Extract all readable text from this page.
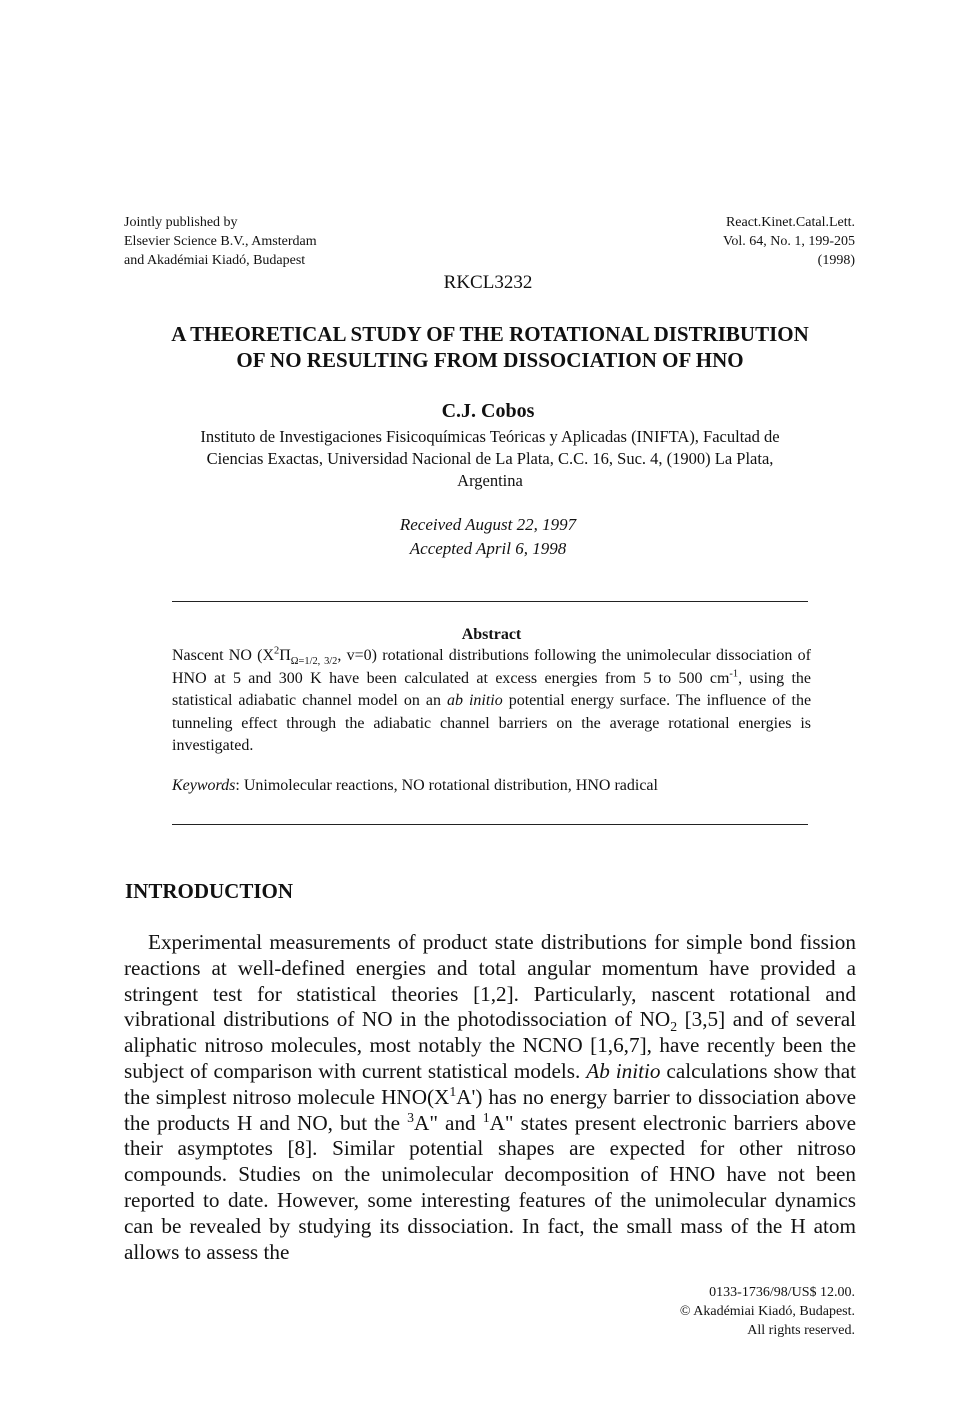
Jointly published by
Elsevier Science B.V., Amsterdam
and Akadémiai Kiadó, Budapest
React.Kinet.Catal.Lett.
Vol. 64, No. 1, 199-205
(1998)
RKCL3232
A THEORETICAL STUDY OF THE ROTATIONAL DISTRIBUTION
OF NO RESULTING FROM DISSOCIATION OF HNO
C.J. Cobos
Instituto de Investigaciones Fisicoquímicas Teóricas y Aplicadas (INIFTA), Facultad de
Ciencias Exactas, Universidad Nacional de La Plata, C.C. 16, Suc. 4, (1900) La Plata,
Argentina
Received August 22, 1997
Accepted April 6, 1998
Abstract

Nascent NO ($X^2\Pi_{\Omega=1/2, 3/2}$, v=0) rotational distributions following the unimolecular dissociation of HNO at 5 and 300 K have been calculated at excess energies from 5 to 500 $cm^{-1}$, using the statistical adiabatic channel model on an ab initio potential energy surface. The influence of the tunneling effect through the adiabatic channel barriers on the average rotational energies is investigated.

Keywords: Unimolecular reactions, NO rotational distribution, HNO radical

INTRODUCTION

Experimental measurements of product state distributions for simple bond fission reactions at well-defined energies and total angular momentum have provided a stringent test for statistical theories [1,2]. Particularly, nascent rotational and vibrational distributions of NO in the photodissociation of $NO_2$ [3,5] and of several aliphatic nitroso molecules, most notably the NCNO [1,6,7], have recently been the subject of comparison with current statistical models. Ab initio calculations show that the simplest nitroso molecule $HNO(X^1A')$ has no energy barrier to dissociation above the products H and NO, but the $^3$A" and $^1$A" states present electronic barriers above their asymptotes [8]. Similar potential shapes are expected for other nitroso compounds. Studies on the unimolecular decomposition of HNO have not been reported to date. However, some interesting features of the unimolecular dynamics can be revealed by studying its dissociation. In fact, the small mass of the H atom allows to assess the

0133-1736/98/US$ 12.00.
© Akadémiai Kiadó, Budapest.
All rights reserved.
